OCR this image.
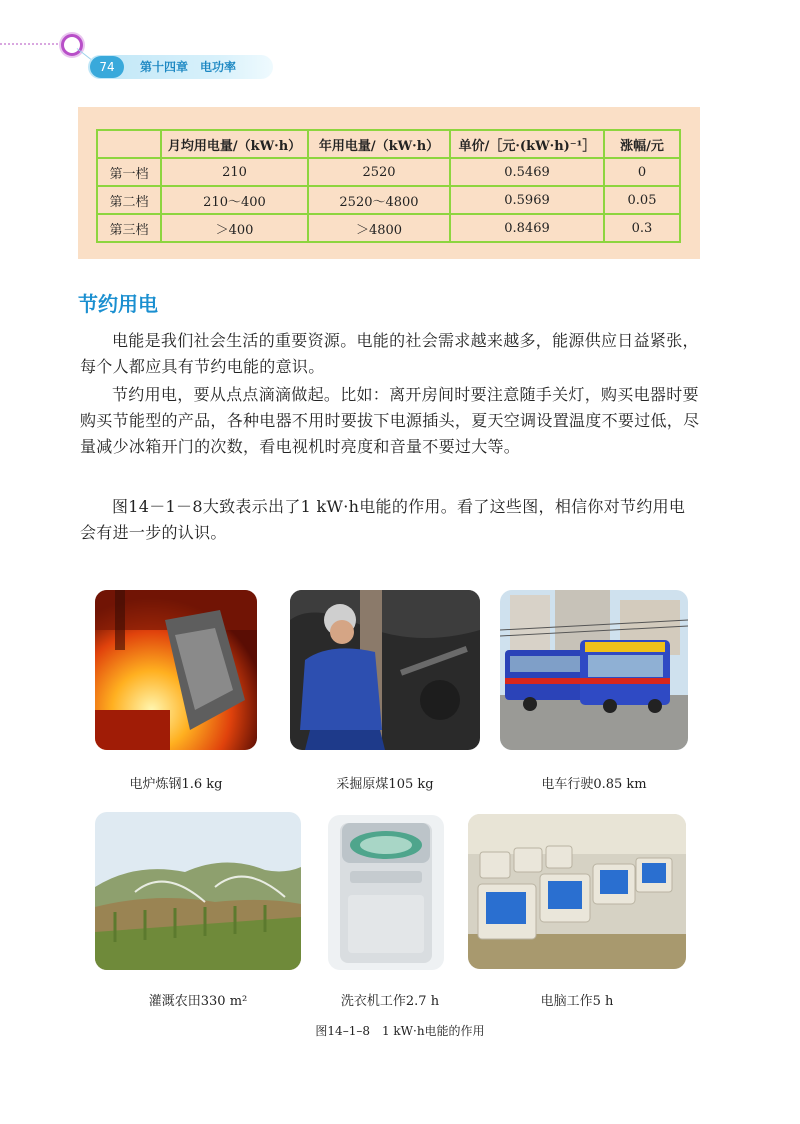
74	第十四章　电功率
	月均用电量/（kW·h）	年用电量/（kW·h）	单价/［元·(kW·h)⁻¹］	涨幅/元
第一档	210	2520	0.5469	0
第二档	210～400	2520～4800	0.5969	0.05
第三档	＞400	＞4800	0.8469	0.3
节约用电

电能是我们社会生活的重要资源。电能的社会需求越来越多，能源供应日益紧张，每个人都应具有节约电能的意识。

节约用电，要从点点滴滴做起。比如：离开房间时要注意随手关灯，购买电器时要购买节能型的产品，各种电器不用时要拔下电源插头，夏天空调设置温度不要过低，尽量减少冰箱开门的次数，看电视机时亮度和音量不要过大等。

图14－1－8大致表示出了1 kW·h电能的作用。看了这些图，相信你对节约用电会有进一步的认识。

电炉炼钢1.6 kg	采掘原煤105 kg	电车行驶0.85 km
灌溉农田330 m²	洗衣机工作2.7 h	电脑工作5 h
图14–1–8　1 kW·h电能的作用
